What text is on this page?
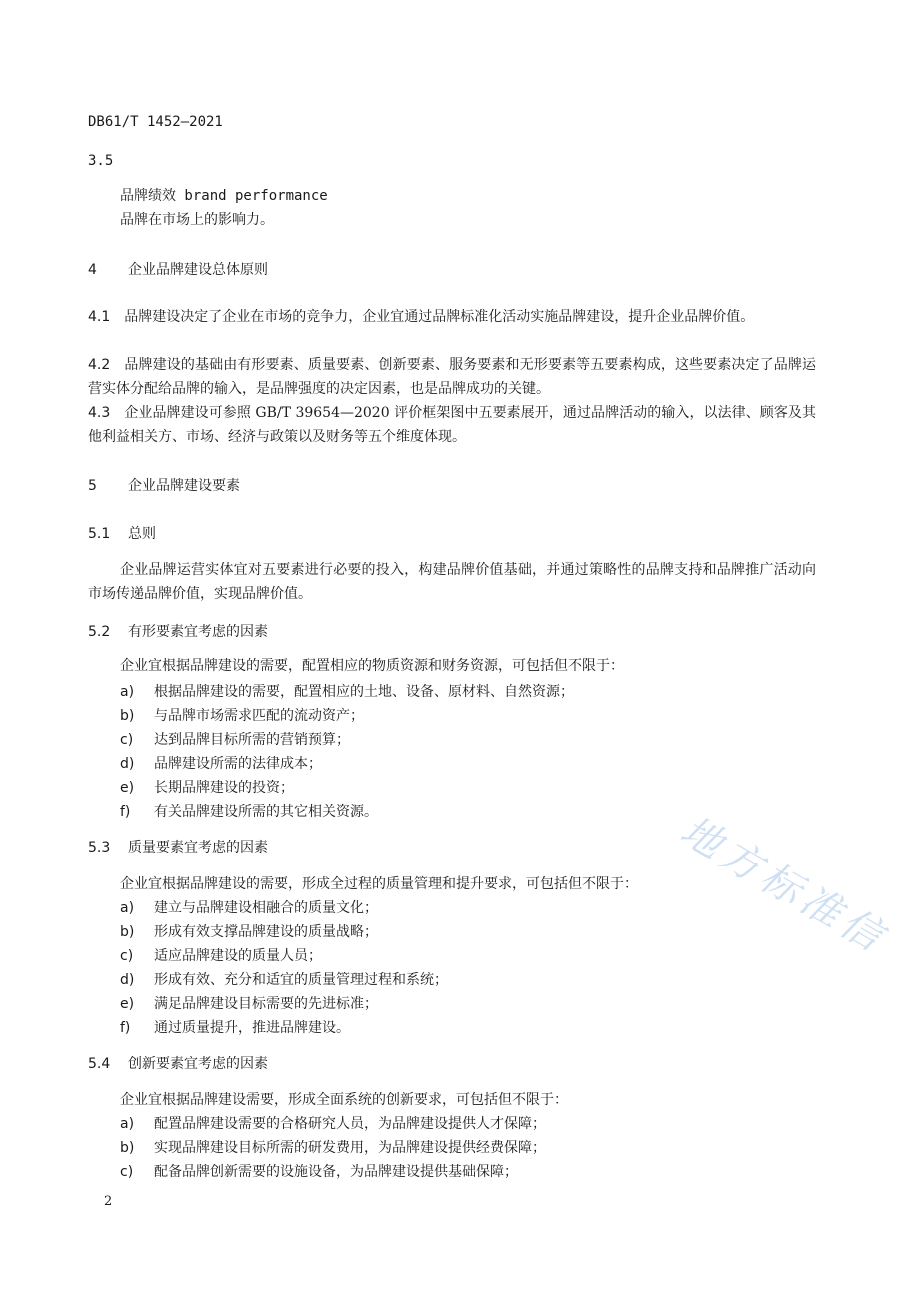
DB61/T 1452—2021
3.5
品牌绩效 brand performance
品牌在市场上的影响力。
4 企业品牌建设总体原则
4.1 品牌建设决定了企业在市场的竞争力，企业宜通过品牌标准化活动实施品牌建设，提升企业品牌价值。
4.2 品牌建设的基础由有形要素、质量要素、创新要素、服务要素和无形要素等五要素构成，这些要素决定了品牌运营实体分配给品牌的输入，是品牌强度的决定因素，也是品牌成功的关键。
4.3 企业品牌建设可参照 GB/T 39654—2020 评价框架图中五要素展开，通过品牌活动的输入，以法律、顾客及其他利益相关方、市场、经济与政策以及财务等五个维度体现。
5 企业品牌建设要素
5.1 总则
企业品牌运营实体宜对五要素进行必要的投入，构建品牌价值基础，并通过策略性的品牌支持和品牌推广活动向市场传递品牌价值，实现品牌价值。
5.2 有形要素宜考虑的因素
企业宜根据品牌建设的需要，配置相应的物质资源和财务资源，可包括但不限于：
a) 根据品牌建设的需要，配置相应的土地、设备、原材料、自然资源；
b) 与品牌市场需求匹配的流动资产；
c) 达到品牌目标所需的营销预算；
d) 品牌建设所需的法律成本；
e) 长期品牌建设的投资；
f) 有关品牌建设所需的其它相关资源。
5.3 质量要素宜考虑的因素
企业宜根据品牌建设的需要，形成全过程的质量管理和提升要求，可包括但不限于：
a) 建立与品牌建设相融合的质量文化；
b) 形成有效支撑品牌建设的质量战略；
c) 适应品牌建设的质量人员；
d) 形成有效、充分和适宜的质量管理过程和系统；
e) 满足品牌建设目标需要的先进标准；
f) 通过质量提升，推进品牌建设。
5.4 创新要素宜考虑的因素
企业宜根据品牌建设需要，形成全面系统的创新要求，可包括但不限于：
a) 配置品牌建设需要的合格研究人员，为品牌建设提供人才保障；
b) 实现品牌建设目标所需的研发费用，为品牌建设提供经费保障；
c) 配备品牌创新需要的设施设备，为品牌建设提供基础保障；
地方标准信
2
